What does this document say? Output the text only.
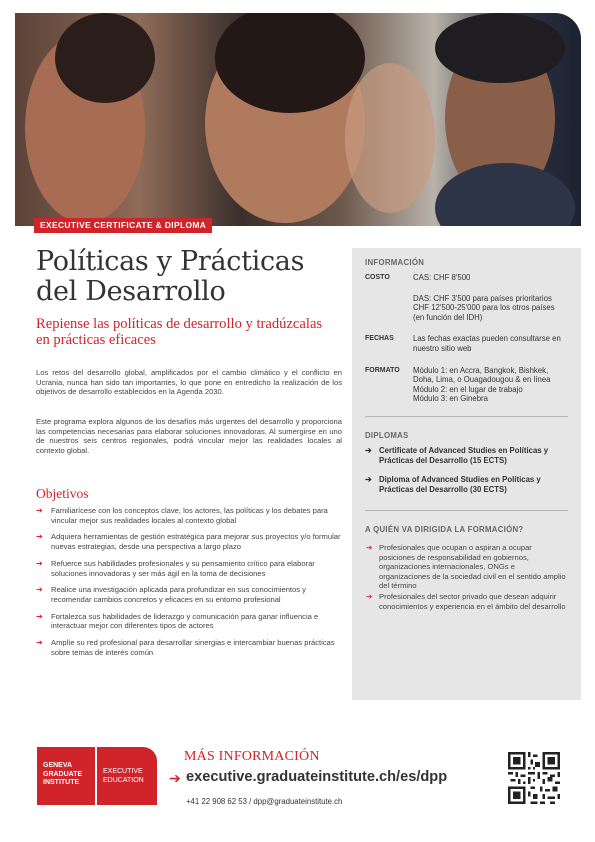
EXECUTIVE CERTIFICATE & DIPLOMA
Políticas y Prácticas
del Desarrollo
Repiense las políticas de desarrollo y tradúzcalas en prácticas eficaces
Los retos del desarrollo global, amplificados por el cambio climático y el conflicto en Ucrania, nunca han sido tan importantes, lo que pone en entredicho la realización de los objetivos de desarrollo establecidos en la Agenda 2030.
Este programa explora algunos de los desafíos más urgentes del desarrollo y proporciona las competencias necesarias para elaborar soluciones innovadoras. Al sumergirse en uno de nuestros seis centros regionales, podrá vincular mejor las realidades locales al contexto global.
Objetivos
➔ Familiarícese con los conceptos clave, los actores, las políticas y los debates para vincular mejor sus realidades locales al contexto global
➔ Adquiera herramientas de gestión estratégica para mejorar sus proyectos y/o formular nuevas estrategias, desde una perspectiva a largo plazo
➔ Refuerce sus habilidades profesionales y su pensamiento crítico para elaborar soluciones innovadoras y ser más ágil en la toma de decisiones
➔ Realice una investigación aplicada para profundizar en sus conocimientos y recomendar cambios concretos y eficaces en su entorno profesional
➔ Fortalezca sus habilidades de liderazgo y comunicación para ganar influencia e interactuar mejor con diferentes tipos de actores
➔ Amplíe su red profesional para desarrollar sinergias e intercambiar buenas prácticas sobre temas de interés común
INFORMACIÓN
COSTO	CAS: CHF 8'500
DAS: CHF 3'500 para países prioritarios CHF 12'500-25'000 para los otros países (en función del IDH)
FECHAS Las fechas exactas pueden consultarse en nuestro sitio web
FORMATO Módulo 1: en Accra, Bangkok, Bishkek, Doha, Lima, o Ouagadougou & en línea
Módulo 2: en el lugar de trabajo
Módulo 3: en Ginebra
DIPLOMAS
➔ Certificate of Advanced Studies en Políticas y Prácticas del Desarrollo (15 ECTS)
➔ Diploma of Advanced Studies en Políticas y Prácticas del Desarrollo (30 ECTS)
A QUIÉN VA DIRIGIDA LA FORMACIÓN?
➔ Profesionales que ocupan o aspiran a ocupar posiciones de responsabilidad en gobiernos, organizaciones internacionales, ONGs e organizaciones de la sociedad civil en el sentido amplio del término
➔ Profesionales del sector privado que desean adquirir conocimientos y experiencia en el ámbito del desarrollo
GENEVA
GRADUATE
INSTITUTE
EXECUTIVE
EDUCATION
MÁS INFORMACIÓN
➔ executive.graduateinstitute.ch/es/dpp
+41 22 908 62 53 / dpp@graduateinstitute.ch
